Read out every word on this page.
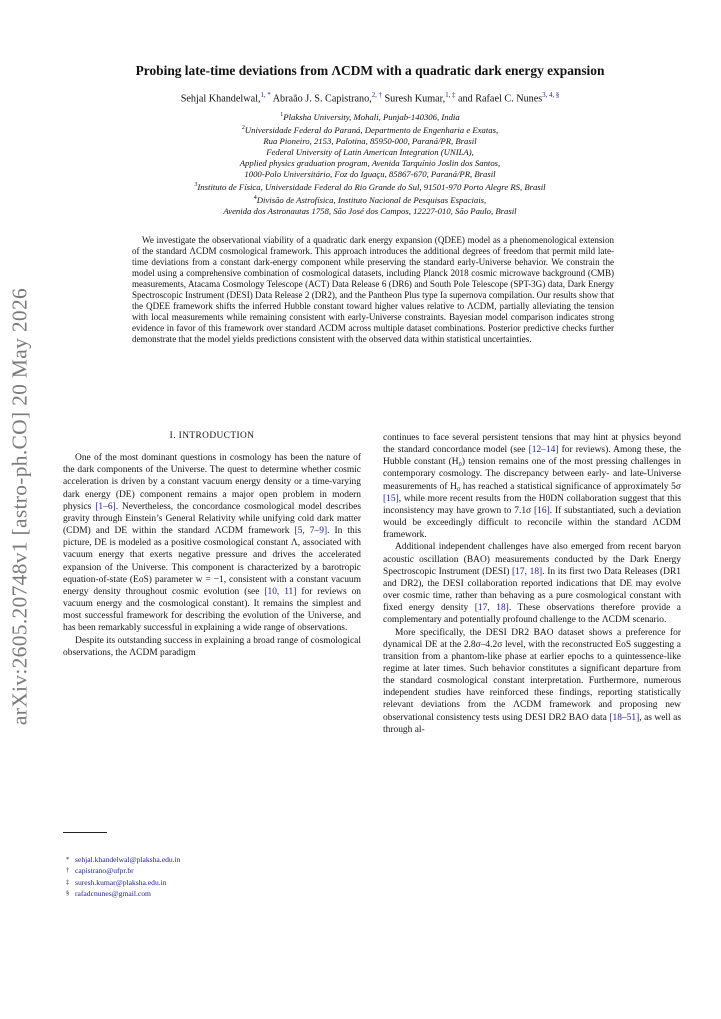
arXiv:2605.20748v1 [astro-ph.CO] 20 May 2026
Probing late-time deviations from ΛCDM with a quadratic dark energy expansion
Sehjal Khandelwal,$^{1, *}$ Abraão J. S. Capistrano,$^{2, \dagger}$ Suresh Kumar,$^{1, \ddagger}$ and Rafael C. Nunes$^{3, 4, \S}$
$^1$Plaksha University, Mohali, Punjab-140306, India
$^2$Universidade Federal do Paraná, Departmento de Engenharia e Exatas,
Rua Pioneiro, 2153, Palotina, 85950-000, Paraná/PR, Brasil
Federal University of Latin American Integration (UNILA),
Applied physics graduation program, Avenida Tarquínio Joslin dos Santos,
1000-Polo Universitário, Foz do Iguaçu, 85867-670, Paraná/PR, Brasil
$^3$Instituto de Física, Universidade Federal do Rio Grande do Sul, 91501-970 Porto Alegre RS, Brasil
$^4$Divisão de Astrofísica, Instituto Nacional de Pesquisas Espaciais,
Avenida dos Astronautas 1758, São José dos Campos, 12227-010, São Paulo, Brasil
We investigate the observational viability of a quadratic dark energy expansion (QDEE) model as a phenomenological extension of the standard ΛCDM cosmological framework. This approach introduces the additional degrees of freedom that permit mild late-time deviations from a constant dark-energy component while preserving the standard early-Universe behavior. We constrain the model using a comprehensive combination of cosmological datasets, including Planck 2018 cosmic microwave background (CMB) measurements, Atacama Cosmology Telescope (ACT) Data Release 6 (DR6) and South Pole Telescope (SPT-3G) data, Dark Energy Spectroscopic Instrument (DESI) Data Release 2 (DR2), and the Pantheon Plus type Ia supernova compilation. Our results show that the QDEE framework shifts the inferred Hubble constant toward higher values relative to ΛCDM, partially alleviating the tension with local measurements while remaining consistent with early-Universe constraints. Bayesian model comparison indicates strong evidence in favor of this framework over standard ΛCDM across multiple dataset combinations. Posterior predictive checks further demonstrate that the model yields predictions consistent with the observed data within statistical uncertainties.
I. INTRODUCTION

One of the most dominant questions in cosmology has been the nature of the dark components of the Universe. The quest to determine whether cosmic acceleration is driven by a constant vacuum energy density or a time-varying dark energy (DE) component remains a major open problem in modern physics [1–6]. Nevertheless, the concordance cosmological model describes gravity through Einstein’s General Relativity while unifying cold dark matter (CDM) and DE within the standard ΛCDM framework [5, 7–9]. In this picture, DE is modeled as a positive cosmological constant Λ, associated with vacuum energy that exerts negative pressure and drives the accelerated expansion of the Universe. This component is characterized by a barotropic equation-of-state (EoS) parameter w = −1, consistent with a constant vacuum energy density throughout cosmic evolution (see [10, 11] for reviews on vacuum energy and the cosmological constant). It remains the simplest and most successful framework for describing the evolution of the Universe, and has been remarkably successful in explaining a wide range of observations.

Despite its outstanding success in explaining a broad range of cosmological observations, the ΛCDM paradigm

continues to face several persistent tensions that may hint at physics beyond the standard concordance model (see [12–14] for reviews). Among these, the Hubble constant (H₀) tension remains one of the most pressing challenges in contemporary cosmology. The discrepancy between early- and late-Universe measurements of H₀ has reached a statistical significance of approximately 5σ [15], while more recent results from the H0DN collaboration suggest that this inconsistency may have grown to 7.1σ [16]. If substantiated, such a deviation would be exceedingly difficult to reconcile within the standard ΛCDM framework.

Additional independent challenges have also emerged from recent baryon acoustic oscillation (BAO) measurements conducted by the Dark Energy Spectroscopic Instrument (DESI) [17, 18]. In its first two Data Releases (DR1 and DR2), the DESI collaboration reported indications that DE may evolve over cosmic time, rather than behaving as a pure cosmological constant with fixed energy density [17, 18]. These observations therefore provide a complementary and potentially profound challenge to the ΛCDM scenario.

More specifically, the DESI DR2 BAO dataset shows a preference for dynamical DE at the 2.8σ–4.2σ level, with the reconstructed EoS suggesting a transition from a phantom-like phase at earlier epochs to a quintessence-like regime at later times. Such behavior constitutes a significant departure from the standard cosmological constant interpretation. Furthermore, numerous independent studies have reinforced these findings, reporting statistically relevant deviations from the ΛCDM framework and proposing new observational consistency tests using DESI DR2 BAO data [18–51], as well as through al-

* sehjal.khandelwal@plaksha.edu.in
† capistrano@ufpr.br
‡ suresh.kumar@plaksha.edu.in
§ rafadcnunes@gmail.com
